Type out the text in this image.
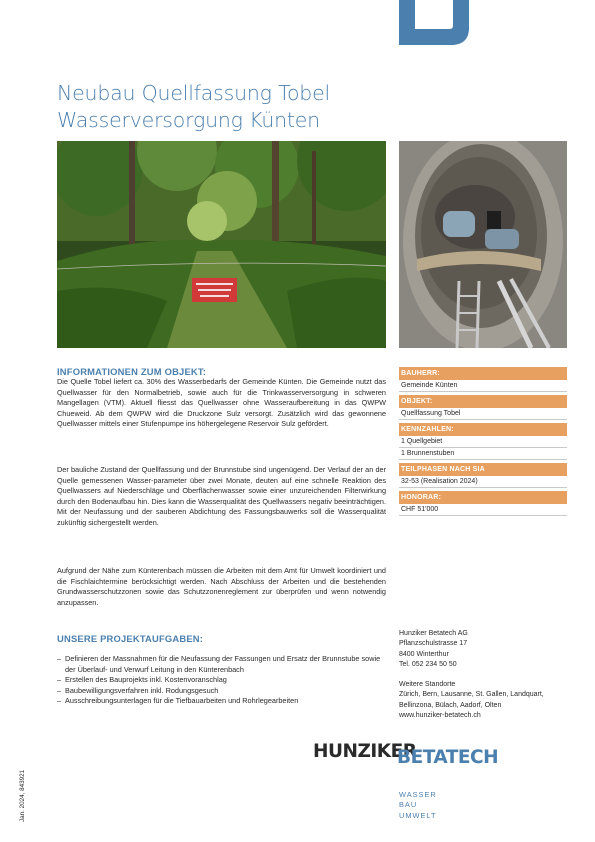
Neubau Quellfassung Tobel
Wasserversorgung Künten
INFORMATIONEN ZUM OBJEKT:
Die Quelle Tobel liefert ca. 30% des Wasserbedarfs der Gemeinde Künten. Die Gemeinde nutzt das Quellwasser für den Normalbetrieb, sowie auch für die Trinkwasserversorgung in schweren Mangellagen (VTM). Aktuell fliesst das Quellwasser ohne Wasseraufbereitung in das QWPW Chueweid. Ab dem QWPW wird die Druckzone Sulz versorgt. Zusätzlich wird das gewonnene Quellwasser mittels einer Stufenpumpe ins höhergelegene Reservoir Sulz gefördert.
Der bauliche Zustand der Quellfassung und der Brunnstube sind ungenügend. Der Verlauf der an der Quelle gemessenen Wasser-parameter über zwei Monate, deuten auf eine schnelle Reaktion des Quellwassers auf Niederschläge und Oberflächenwasser sowie einer unzureichenden Filterwirkung durch den Bodenaufbau hin. Dies kann die Wasserqualität des Quellwassers negativ beeinträchtigen. Mit der Neufassung und der sauberen Abdichtung des Fassungsbauwerks soll die Wasserqualität zukünftig sichergestellt werden.
Aufgrund der Nähe zum Künterenbach müssen die Arbeiten mit dem Amt für Umwelt koordiniert und die Fischlaichtermine berücksichtigt werden. Nach Abschluss der Arbeiten und die bestehenden Grundwasserschutzzonen sowie das Schutzzonenreglement zur überprüfen und wenn notwendig anzupassen.
UNSERE PROJEKTAUFGABEN:
– Definieren der Massnahmen für die Neufassung der Fassungen und Ersatz der Brunnstube sowie der Überlauf- und Verwurf Leitung in den Künterenbach
– Erstellen des Bauprojekts inkl. Kostenvoranschlag
– Baubewilligungsverfahren inkl. Rodungsgesuch
– Ausschreibungsunterlagen für die Tiefbauarbeiten und Rohrlegearbeiten
BAUHERR:
Gemeinde Künten
OBJEKT:
Quellfassung Tobel
KENNZAHLEN:
1 Quellgebiet
1 Brunnenstuben
TEILPHASEN NACH SIA
32-53 (Realisation 2024)
HONORAR:
CHF 51'000
Hunziker Betatech AG
Pflanzschulstrasse 17
8400 Winterthur
Tel. 052 234 50 50
Weitere Standorte
Zürich, Bern, Lausanne, St. Gallen, Landquart,
Bellinzona, Bülach, Aadorf, Olten
www.hunziker-betatech.ch
HUNZIKER
BETATECH
WASSER
BAU
UMWELT
Jan. 2024, 843921
